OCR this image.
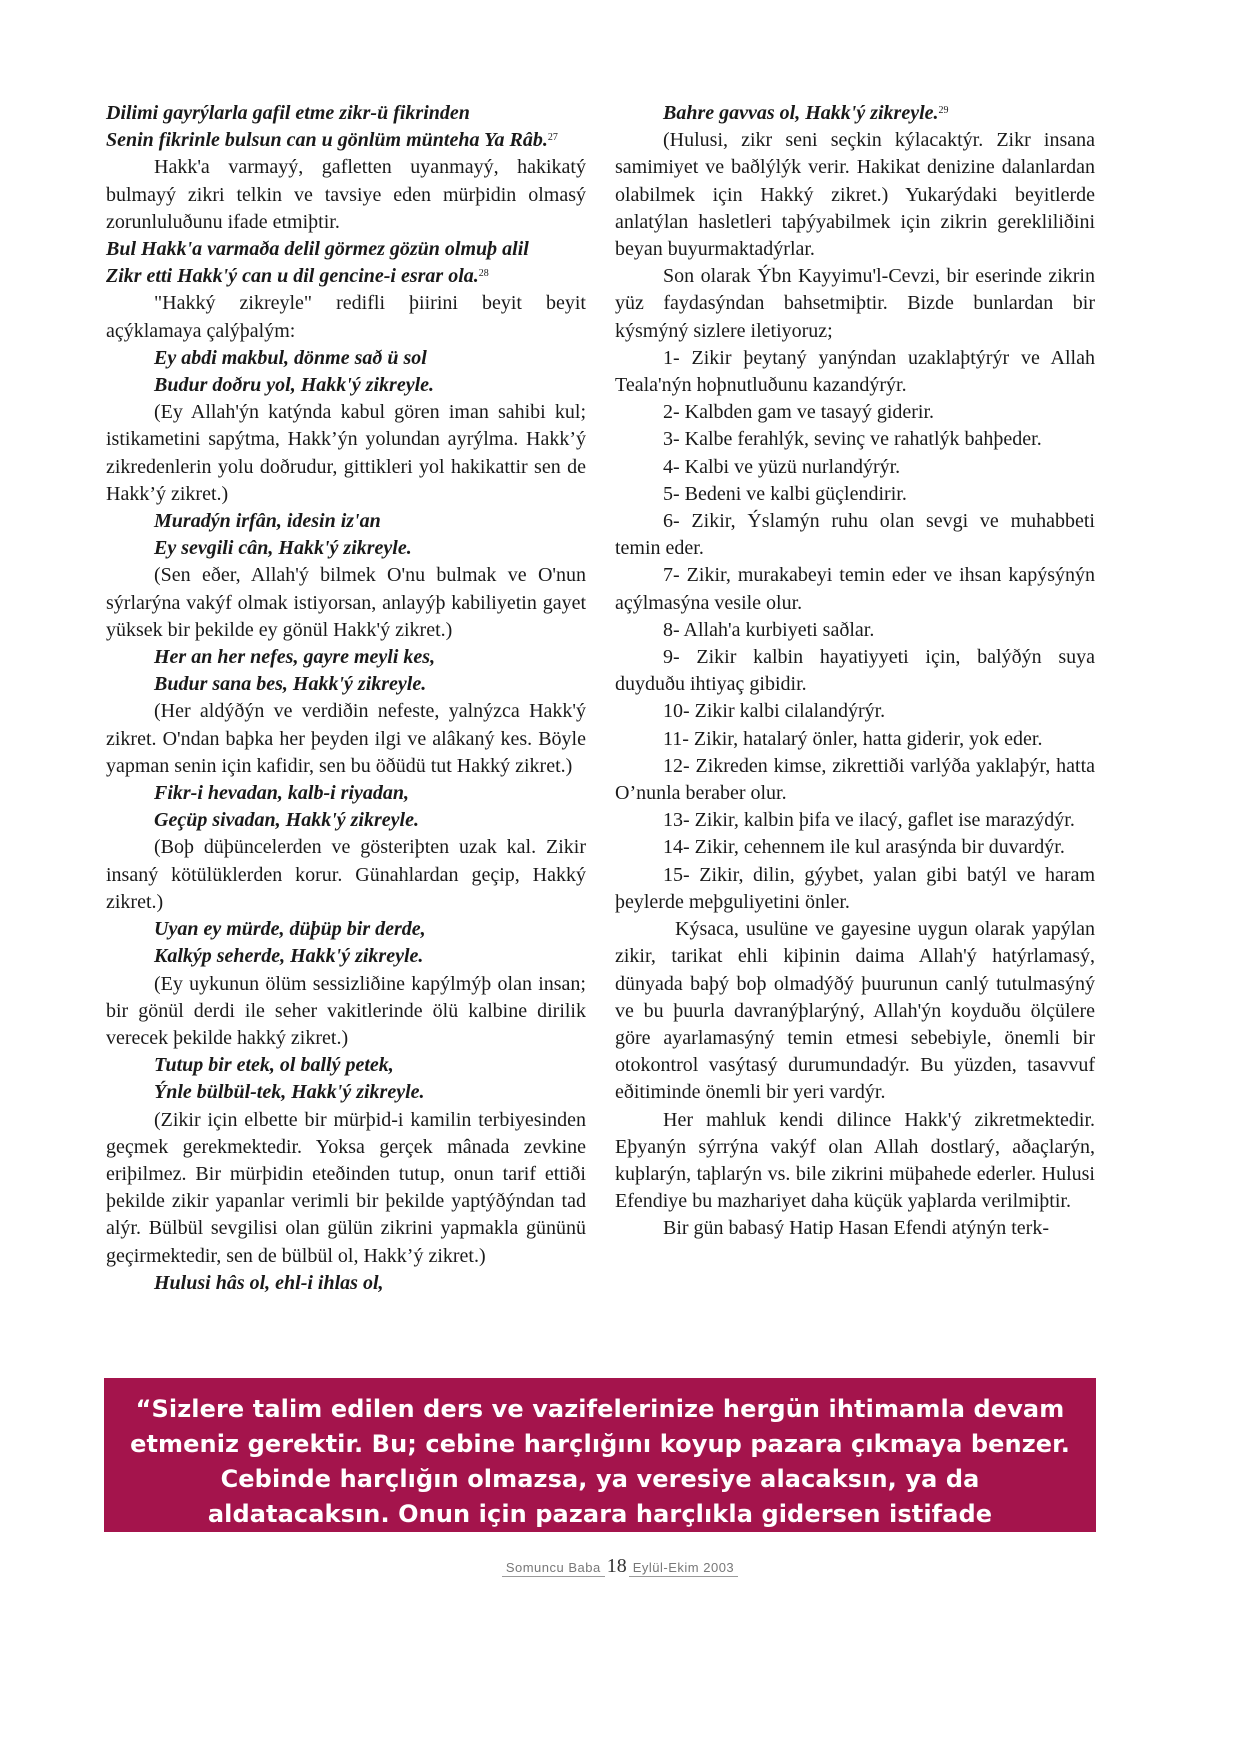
Dilimi gayrýlarla gafil etme zikr-ü fikrinden

Senin fikrinle bulsun can u gönlüm münteha Ya Râb.$^{27}$

Hakk'a varmayý, gafletten uyanmayý, hakikatý bulmayý zikri telkin ve tavsiye eden mürþidin olmasý zorunluluðunu ifade etmiþtir.

Bul Hakk'a varmaða delil görmez gözün olmuþ alil

Zikr etti Hakk'ý can u dil gencine-i esrar ola.$^{28}$

"Hakký zikreyle" redifli þiirini beyit beyit açýklamaya çalýþalým:

Ey abdi makbul, dönme sað ü sol

Budur doðru yol, Hakk'ý zikreyle.

(Ey Allah'ýn katýnda kabul gören iman sahibi kul; istikametini sapýtma, Hakk’ýn yolundan ayrýlma. Hakk’ý zikredenlerin yolu doðrudur, gittikleri yol hakikattir sen de Hakk’ý zikret.)

Muradýn irfân, idesin iz'an

Ey sevgili cân, Hakk'ý zikreyle.

(Sen eðer, Allah'ý bilmek O'nu bulmak ve O'nun sýrlarýna vakýf olmak istiyorsan, anlayýþ kabiliyetin gayet yüksek bir þekilde ey gönül Hakk'ý zikret.)

Her an her nefes, gayre meyli kes,

Budur sana bes, Hakk'ý zikreyle.

(Her aldýðýn ve verdiðin nefeste, yalnýzca Hakk'ý zikret. O'ndan baþka her þeyden ilgi ve alâkaný kes. Böyle yapman senin için kafidir, sen bu öðüdü tut Hakký zikret.)

Fikr-i hevadan, kalb-i riyadan,

Geçüp sivadan, Hakk'ý zikreyle.

(Boþ düþüncelerden ve gösteriþten uzak kal. Zikir insaný kötülüklerden korur. Günahlardan geçip, Hakký zikret.)

Uyan ey mürde, düþüp bir derde,

Kalkýp seherde, Hakk'ý zikreyle.

(Ey uykunun ölüm sessizliðine kapýlmýþ olan insan; bir gönül derdi ile seher vakitlerinde ölü kalbine dirilik verecek þekilde hakký zikret.)

Tutup bir etek, ol ballý petek,

Ýnle bülbül-tek, Hakk'ý zikreyle.

(Zikir için elbette bir mürþid-i kamilin terbiyesinden geçmek gerekmektedir. Yoksa gerçek mânada zevkine eriþilmez. Bir mürþidin eteðinden tutup, onun tarif ettiði þekilde zikir yapanlar verimli bir þekilde yaptýðýndan tad alýr. Bülbül sevgilisi olan gülün zikrini yapmakla gününü geçirmektedir, sen de bülbül ol, Hakk’ý zikret.)

Hulusi hâs ol, ehl-i ihlas ol,

Bahre gavvas ol, Hakk'ý zikreyle.$^{29}$

(Hulusi, zikr seni seçkin kýlacaktýr. Zikr insana samimiyet ve baðlýlýk verir. Hakikat denizine dalanlardan olabilmek için Hakký zikret.) Yukarýdaki beyitlerde anlatýlan hasletleri taþýyabilmek için zikrin gerekliliðini beyan buyurmaktadýrlar.

Son olarak Ýbn Kayyimu'l-Cevzi, bir eserinde zikrin yüz faydasýndan bahsetmiþtir. Bizde bunlardan bir kýsmýný sizlere iletiyoruz;

1- Zikir þeytaný yanýndan uzaklaþtýrýr ve Allah Teala'nýn hoþnutluðunu kazandýrýr.

2- Kalbden gam ve tasayý giderir.

3- Kalbe ferahlýk, sevinç ve rahatlýk bahþeder.

4- Kalbi ve yüzü nurlandýrýr.

5- Bedeni ve kalbi güçlendirir.

6- Zikir, Ýslamýn ruhu olan sevgi ve muhabbeti temin eder.

7- Zikir, murakabeyi temin eder ve ihsan kapýsýnýn açýlmasýna vesile olur.

8- Allah'a kurbiyeti saðlar.

9- Zikir kalbin hayatiyyeti için, balýðýn suya duyduðu ihtiyaç gibidir.

10- Zikir kalbi cilalandýrýr.

11- Zikir, hatalarý önler, hatta giderir, yok eder.

12- Zikreden kimse, zikrettiði varlýða yaklaþýr, hatta O’nunla beraber olur.

13- Zikir, kalbin þifa ve ilacý, gaflet ise marazýdýr.

14- Zikir, cehennem ile kul arasýnda bir duvardýr.

15- Zikir, dilin, gýybet, yalan gibi batýl ve haram þeylerde meþguliyetini önler.

Kýsaca, usulüne ve gayesine uygun olarak yapýlan zikir, tarikat ehli kiþinin daima Allah'ý hatýrlamasý, dünyada baþý boþ olmadýðý þuurunun canlý tutulmasýný ve bu þuurla davranýþlarýný, Allah'ýn koyduðu ölçülere göre ayarlamasýný temin etmesi sebebiyle, önemli bir otokontrol vasýtasý durumundadýr. Bu yüzden, tasavvuf eðitiminde önemli bir yeri vardýr.

Her mahluk kendi dilince Hakk'ý zikretmektedir. Eþyanýn sýrrýna vakýf olan Allah dostlarý, aðaçlarýn, kuþlarýn, taþlarýn vs. bile zikrini müþahede ederler. Hulusi Efendiye bu mazhariyet daha küçük yaþlarda verilmiþtir.

Bir gün babasý Hatip Hasan Efendi atýnýn terk-

“Sizlere talim edilen ders ve vazifelerinize hergün ihtimamla devam etmeniz gerektir. Bu; cebine harçlığını koyup pazara çıkmaya benzer. Cebinde harçlığın olmazsa, ya veresiye alacaksın, ya da aldatacaksın. Onun için pazara harçlıkla gidersen istifade edersin.”(Es-Seyyid Osman Hulûsi Efendi)
Somuncu Baba 18 Eylül-Ekim 2003
